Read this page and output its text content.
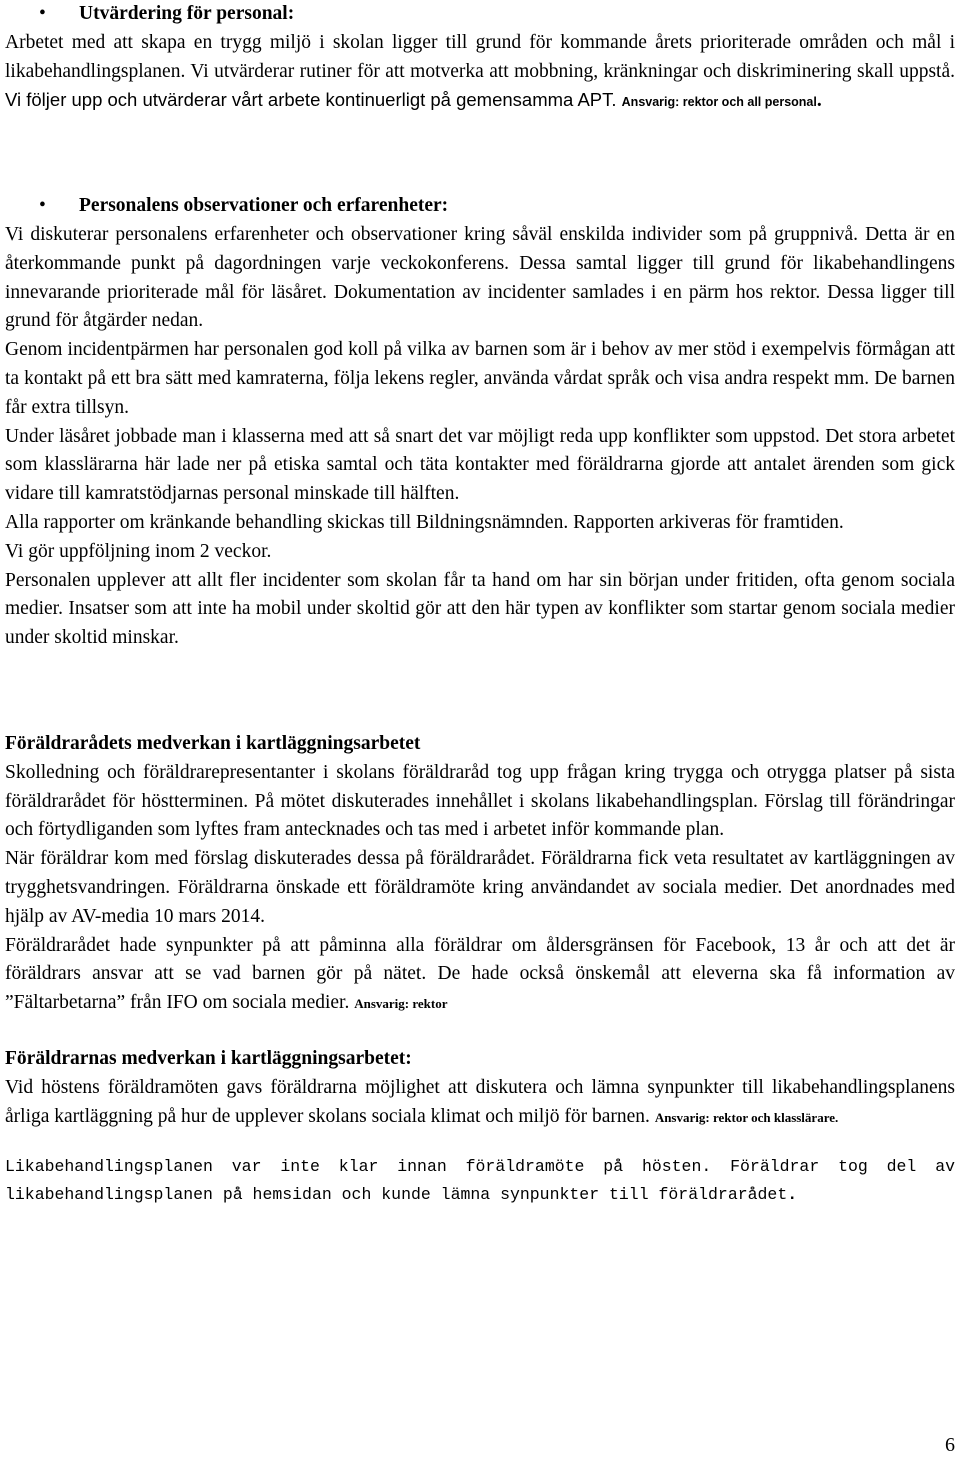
• Utvärdering för personal:

Arbetet med att skapa en trygg miljö i skolan ligger till grund för kommande årets prioriterade områden och mål i likabehandlingsplanen. Vi utvärderar rutiner för att motverka att mobbning, kränkningar och diskriminering skall uppstå. Vi följer upp och utvärderar vårt arbete kontinuerligt på gemensamma APT. Ansvarig: rektor och all personal.

• Personalens observationer och erfarenheter:

Vi diskuterar personalens erfarenheter och observationer kring såväl enskilda individer som på gruppnivå. Detta är en återkommande punkt på dagordningen varje veckokonferens. Dessa samtal ligger till grund för likabehandlingens innevarande prioriterade mål för läsåret. Dokumentation av incidenter samlades i en pärm hos rektor. Dessa ligger till grund för åtgärder nedan.

Genom incidentpärmen har personalen god koll på vilka av barnen som är i behov av mer stöd i exempelvis förmågan att ta kontakt på ett bra sätt med kamraterna, följa lekens regler, använda vårdat språk och visa andra respekt mm. De barnen får extra tillsyn.

Under läsåret jobbade man i klasserna med att så snart det var möjligt reda upp konflikter som uppstod. Det stora arbetet som klasslärarna här lade ner på etiska samtal och täta kontakter med föräldrarna gjorde att antalet ärenden som gick vidare till kamratstödjarnas personal minskade till hälften.

Alla rapporter om kränkande behandling skickas till Bildningsnämnden. Rapporten arkiveras för framtiden.

Vi gör uppföljning inom 2 veckor.

Personalen upplever att allt fler incidenter som skolan får ta hand om har sin början under fritiden, ofta genom sociala medier. Insatser som att inte ha mobil under skoltid gör att den här typen av konflikter som startar genom sociala medier under skoltid minskar.

Föräldrarådets medverkan i kartläggningsarbetet

Skolledning och föräldrarepresentanter i skolans föräldraråd tog upp frågan kring trygga och otrygga platser på sista föräldrarådet för höstterminen. På mötet diskuterades innehållet i skolans likabehandlingsplan. Förslag till förändringar och förtydliganden som lyftes fram antecknades och tas med i arbetet inför kommande plan.

När föräldrar kom med förslag diskuterades dessa på föräldrarådet. Föräldrarna fick veta resultatet av kartläggningen av trygghetsvandringen. Föräldrarna önskade ett föräldramöte kring användandet av sociala medier. Det anordnades med hjälp av AV-media 10 mars 2014.

Föräldrarådet hade synpunkter på att påminna alla föräldrar om åldersgränsen för Facebook, 13 år och att det är föräldrars ansvar att se vad barnen gör på nätet. De hade också önskemål att eleverna ska få information av ”Fältarbetarna” från IFO om sociala medier. Ansvarig: rektor

Föräldrarnas medverkan i kartläggningsarbetet:

Vid höstens föräldramöten gavs föräldrarna möjlighet att diskutera och lämna synpunkter till likabehandlingsplanens årliga kartläggning på hur de upplever skolans sociala klimat och miljö för barnen. Ansvarig: rektor och klasslärare.

Likabehandlingsplanen var inte klar innan föräldramöte på hösten. Föräldrar tog del av likabehandlingsplanen på hemsidan och kunde lämna synpunkter till föräldrarådet.

6
